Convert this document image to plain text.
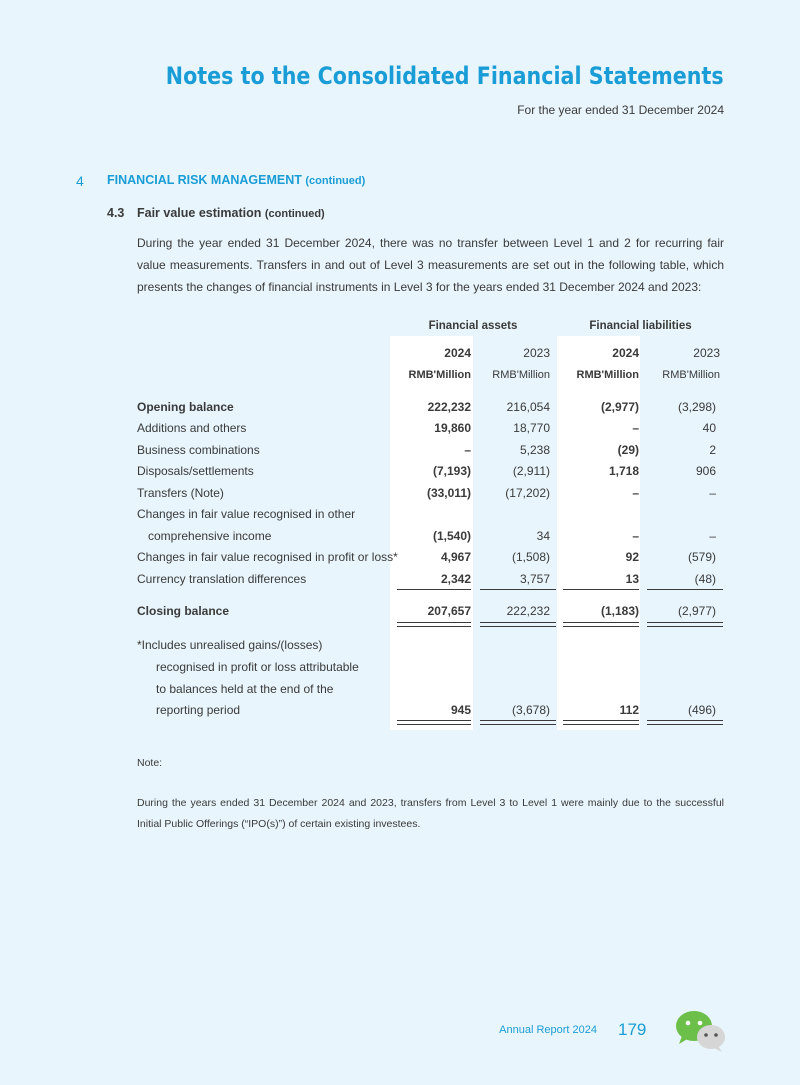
Notes to the Consolidated Financial Statements
For the year ended 31 December 2024
4 FINANCIAL RISK MANAGEMENT (continued)
4.3 Fair value estimation (continued)
During the year ended 31 December 2024, there was no transfer between Level 1 and 2 for recurring fair value measurements. Transfers in and out of Level 3 measurements are set out in the following table, which presents the changes of financial instruments in Level 3 for the years ended 31 December 2024 and 2023:
Financial assets	Financial liabilities
2024	2023	2024	2023
RMB'Million RMB'Million RMB'Million RMB'Million
Opening balance	222,232	216,054	(2,977)	(3,298)
Additions and others	19,860	18,770	–	40
Business combinations	–	5,238	(29)	2
Disposals/settlements	(7,193)	(2,911)	1,718	906
Transfers (Note)	(33,011)	(17,202)	–	–
Changes in fair value recognised in other
comprehensive income	(1,540)	34	–	–
Changes in fair value recognised in profit or loss*	4,967	(1,508)	92	(579)
Currency translation differences	2,342	3,757	13	(48)
Closing balance	207,657	222,232	(1,183)	(2,977)
*Includes unrealised gains/(losses)
recognised in profit or loss attributable
to balances held at the end of the
reporting period	945	(3,678)	112	(496)
Note:
During the years ended 31 December 2024 and 2023, transfers from Level 3 to Level 1 were mainly due to the successful Initial Public Offerings (“IPO(s)”) of certain existing investees.
Annual Report 2024 179
